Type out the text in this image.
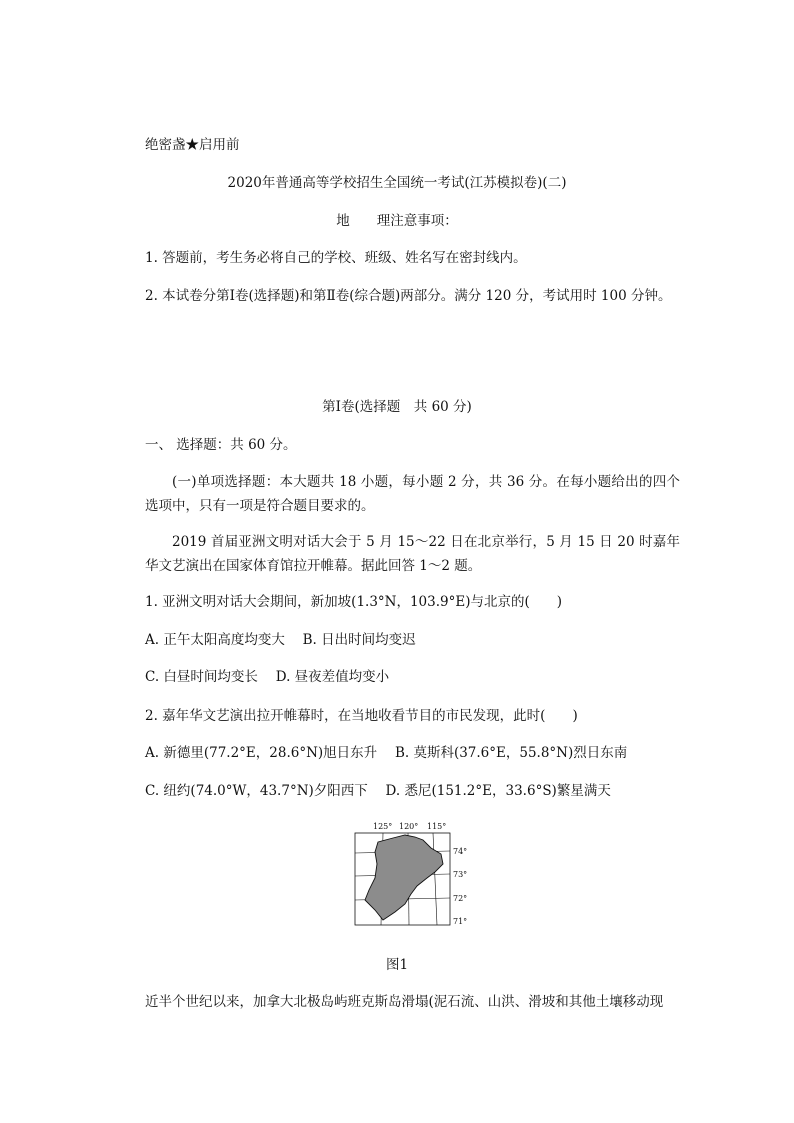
绝密盏★启用前
2020年普通高等学校招生全国统一考试(江苏模拟卷)(二)
地　　理注意事项：
1. 答题前，考生务必将自己的学校、班级、姓名写在密封线内。
2. 本试卷分第Ⅰ卷(选择题)和第Ⅱ卷(综合题)两部分。满分 120 分，考试用时 100 分钟。
第Ⅰ卷(选择题　共 60 分)
一、 选择题：共 60 分。
(一)单项选择题：本大题共 18 小题，每小题 2 分，共 36 分。在每小题给出的四个选项中，只有一项是符合题目要求的。
2019 首届亚洲文明对话大会于 5 月 15～22 日在北京举行，5 月 15 日 20 时嘉年华文艺演出在国家体育馆拉开帷幕。据此回答 1～2 题。
1. 亚洲文明对话大会期间，新加坡(1.3°N，103.9°E)与北京的(　　)
A. 正午太阳高度均变大　 B. 日出时间均变迟
C. 白昼时间均变长　 D. 昼夜差值均变小
2. 嘉年华文艺演出拉开帷幕时，在当地收看节目的市民发现，此时(　　)
A. 新德里(77.2°E，28.6°N)旭日东升　 B. 莫斯科(37.6°E，55.8°N)烈日东南
C. 纽约(74.0°W，43.7°N)夕阳西下　 D. 悉尼(151.2°E，33.6°S)繁星满天
125° 120° 115°
74°
73°
72°
71°
图1
近半个世纪以来，加拿大北极岛屿班克斯岛滑塌(泥石流、山洪、滑坡和其他土壤移动现
